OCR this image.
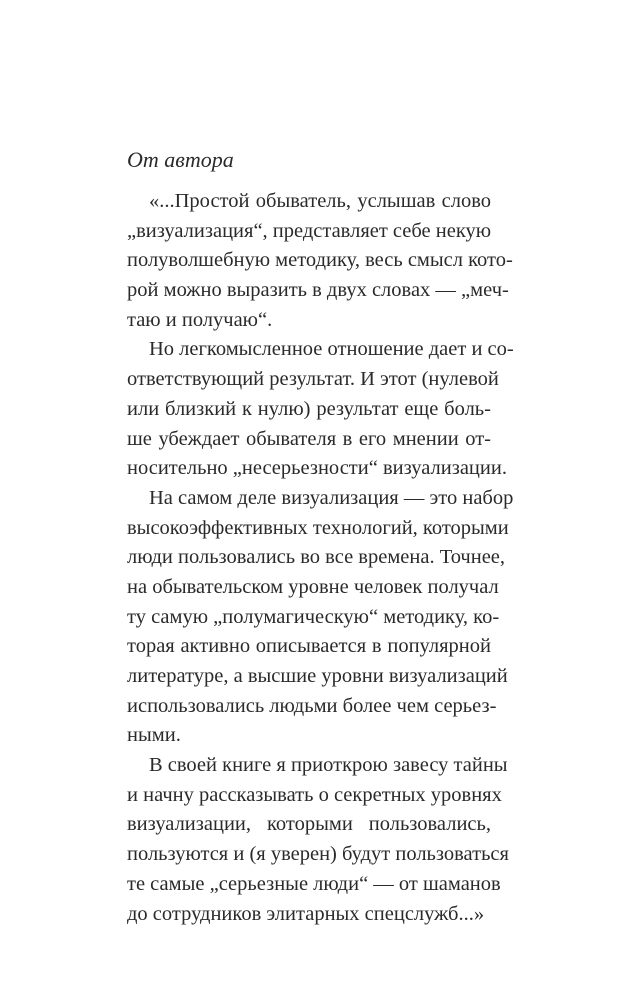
От автора
«...Простой обыватель, услышав слово
„визуализация“, представляет себе некую
полуволшебную методику, весь смысл кото-
рой можно выразить в двух словах — „меч-
таю и получаю“.
Но легкомысленное отношение дает и со-
ответствующий результат. И этот (нулевой
или близкий к нулю) результат еще боль-
ше убеждает обывателя в его мнении от-
носительно „несерьезности“ визуализации.
На самом деле визуализация — это набор
высокоэффективных технологий, которыми
люди пользовались во все времена. Точнее,
на обывательском уровне человек получал
ту самую „полумагическую“ методику, ко-
торая активно описывается в популярной
литературе, а высшие уровни визуализаций
использовались людьми более чем серьез-
ными.
В своей книге я приоткрою завесу тайны
и начну рассказывать о секретных уровнях
визуализации, которыми пользовались,
пользуются и (я уверен) будут пользоваться
те самые „серьезные люди“ — от шаманов
до сотрудников элитарных спецслужб...»
